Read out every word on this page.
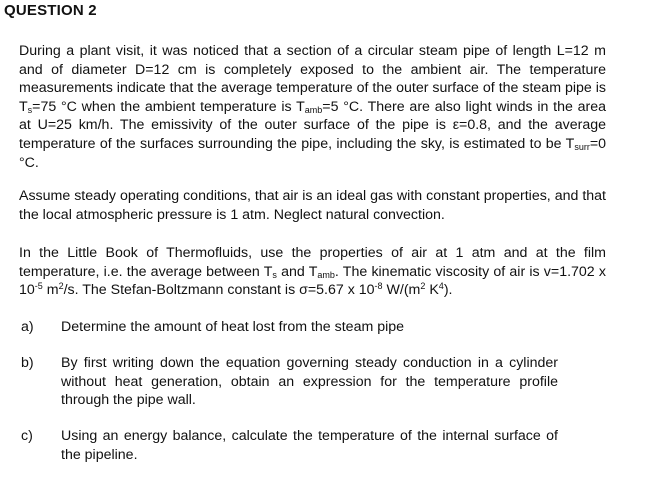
QUESTION 2
During a plant visit, it was noticed that a section of a circular steam pipe of length L=12 m and of diameter D=12 cm is completely exposed to the ambient air. The temperature measurements indicate that the average temperature of the outer surface of the steam pipe is $T_s=75$ °C when the ambient temperature is $T_{amb}=5$ °C. There are also light winds in the area at U=25 km/h. The emissivity of the outer surface of the pipe is ε=0.8, and the average temperature of the surfaces surrounding the pipe, including the sky, is estimated to be $T_{surr}=0$ °C.
Assume steady operating conditions, that air is an ideal gas with constant properties, and that the local atmospheric pressure is 1 atm. Neglect natural convection.
In the Little Book of Thermofluids, use the properties of air at 1 atm and at the film temperature, i.e. the average between $T_s$ and $T_{amb}$. The kinematic viscosity of air is v=1.702 x $10^{-5}$ $m^2/s$. The Stefan-Boltzmann constant is σ=5.67 x $10^{-8}$ $W/(m^2$ $K^4$).
a) Determine the amount of heat lost from the steam pipe
b) By first writing down the equation governing steady conduction in a cylinder without heat generation, obtain an expression for the temperature profile through the pipe wall.
c) Using an energy balance, calculate the temperature of the internal surface of the pipeline.
